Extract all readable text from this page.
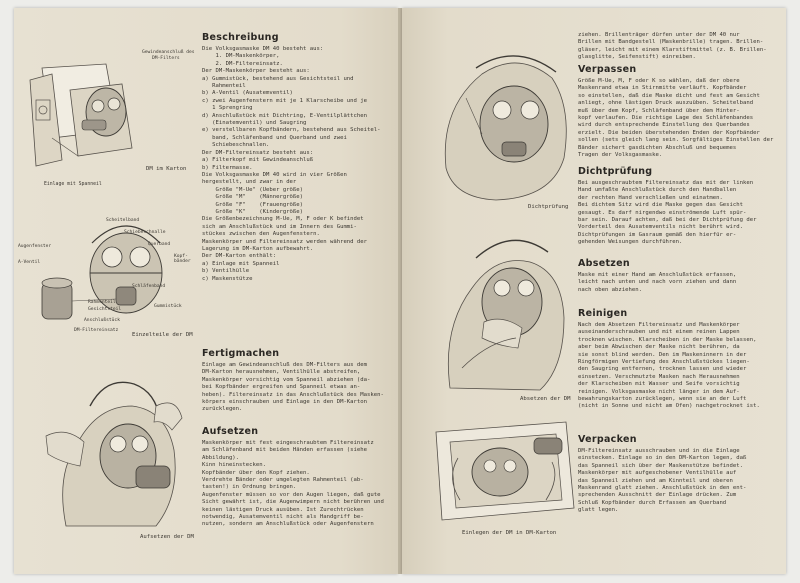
Gewindeanschluß des
DM-Filters
DM im Karton
Einlage mit Spanneil
Scheitelband
Schiebeschnalle
Querband
Kopf-bänder
Augenfenster
A-Ventil
Schläfenband
Rahmenteil
Gesichtsteil
Gummistück
Anschlußstück
DM-Filtereinsatz
Einzelteile der DM
Aufsetzen der DM
Beschreibung

Die Volksgasmaske DM 40 besteht aus:

1. DM-Maskenkörper,

2. DM-Filtereinsatz.

Der DM-Maskenkörper besteht aus:

a) Gummistück, bestehend aus Gesichtsteil und

Rahmenteil

b) A-Ventil (Ausatemventil)

c) zwei Augenfenstern mit je 1 Klarscheibe und je

1 Sprengring

d) Anschlußstück mit Dichtring, E-Ventilplättchen

(Einatemventil) und Saugring

e) verstellbaren Kopfbändern, bestehend aus Scheitel-

band, Schläfenband und Querband und zwei

Schiebeschnallen.

Der DM-Filtereinsatz besteht aus:

a) Filterkopf mit Gewindeanschluß

b) Filtermasse.

Die Volksgasmaske DM 40 wird in vier Größen

hergestellt, und zwar in der

Größe "M-Ue" (Ueber größe)

Größe "M"    (Männergröße)

Größe "F"    (Frauengröße)

Größe "K"    (Kindergröße)

Die Größenbezeichnung M-Ue, M, F oder K befindet

sich am Anschlußstück und im Innern des Gummi-

stückes zwischen den Augenfenstern.

Maskenkörper und Filtereinsatz werden während der

Lagerung im DM-Karton aufbewahrt.

Der DM-Karton enthält:

a) Einlage mit Spanneil

b) Ventilhülle

c) Maskenstütze

Fertigmachen

Einlage am Gewindeanschluß des DM-Filters aus dem

DM-Karton herausnehmen, Ventilhülle abstreifen,

Maskenkörper vorsichtig vom Spanneil abziehen (da-

bei Kopfbänder ergreifen und Spanneil etwas an-

heben). Filtereinsatz in das Anschlußstück des Masken-

körpers einschrauben und Einlage in den DM-Karton

zurücklegen.

Aufsetzen

Maskenkörper mit fest eingeschraubtem Filtereinsatz

am Schläfenband mit beiden Händen erfassen (siehe

Abbildung).

Kinn hineinstecken.

Kopfbänder über den Kopf ziehen.

Verdrehte Bänder oder umgelegten Rahmenteil (ab-

tasten!) in Ordnung bringen.

Augenfenster müssen so vor den Augen liegen, daß gute

Sicht gewährt ist, die Augenwimpern nicht berühren und

keinen lästigen Druck ausüben. Ist Zurechtrücken

notwendig, Ausatemventil nicht als Handgriff be-

nutzen, sondern am Anschlußstück oder Augenfenstern

Dichtprüfung
Absetzen der DM
Einlegen der DM in DM-Karton

ziehen. Brillenträger dürfen unter der DM 40 nur

Brillen mit Bandgestell (Maskenbrille) tragen. Brillen-

gläser, leicht mit einem Klarstiftmittel (z. B. Brillen-

glasglitte, Seifenstift) einreiben.

Verpassen

Größe M-Ue, M, F oder K so wählen, daß der obere

Maskenrand etwa in Stirnmitte verläuft. Kopfbänder

so einstellen, daß die Maske dicht und fest am Gesicht

anliegt, ohne lästigen Druck auszuüben. Scheitelband

muß über dem Kopf, Schläfenband über dem Hinter-

kopf verlaufen. Die richtige Lage des Schläfenbandes

wird durch entsprechende Einstellung des Querbandes

erzielt. Die beiden überstehenden Enden der Kopfbänder

sollen (sets gleich lang sein. Sorgfältiges Einstellen der

Bänder sichert gasdichten Abschluß und bequemes

Tragen der Volksgasmaske.

Dichtprüfung

Bei ausgeschraubtem Filtereinsatz das mit der linken

Hand umfaßte Anschlußstück durch den Handballen

der rechten Hand verschließen und einatmen.

Bei dichtem Sitz wird die Maske gegen das Gesicht

gesaugt. Es darf nirgendwo einströmende Luft spür-

bar sein. Darauf achten, daß bei der Dichtprüfung der

Vorderteil des Ausatemventils nicht berührt wird.

Dichtprüfungen im Gasraum gemäß den hierfür er-

gehenden Weisungen durchführen.

Absetzen

Maske mit einer Hand am Anschlußstück erfassen,

leicht nach unten und nach vorn ziehen und dann

nach oben abziehen.

Reinigen

Nach dem Absetzen Filtereinsatz und Maskenkörper

auseinanderschrauben und mit einem reinen Lappen

trocknen wischen. Klarscheiben in der Maske belassen,

aber beim Abwischen der Maske nicht berühren, da

sie sonst blind werden. Den im Maskeninnern in der

Ringförmigen Vertiefung des Anschlußstückes liegen-

den Saugring entfernen, trocknen lassen und wieder

einsetzen. Verschmutzte Masken nach Herausnehmen

der Klarscheiben mit Wasser und Seife vorsichtig

reinigen. Volksgasmaske nicht länger in dem Auf-

bewahrungskarton zurücklegen, wenn sie an der Luft

(nicht in Sonne und nicht am Ofen) nachgetrocknet ist.

Verpacken

DM-Filtereinsatz ausschrauben und in die Einlage

einstecken. Einlage so in den DM-Karton legen, daß

das Spanneil sich über der Maskenstütze befindet.

Maskenkörper mit aufgeschobener Ventilhülle auf

das Spanneil ziehen und am Kinnteil und oberen

Maskenrand glatt ziehen. Anschlußstück in den ent-

sprechenden Ausschnitt der Einlage drücken. Zum

Schluß Kopfbänder durch Erfassen am Querband

glatt legen.
